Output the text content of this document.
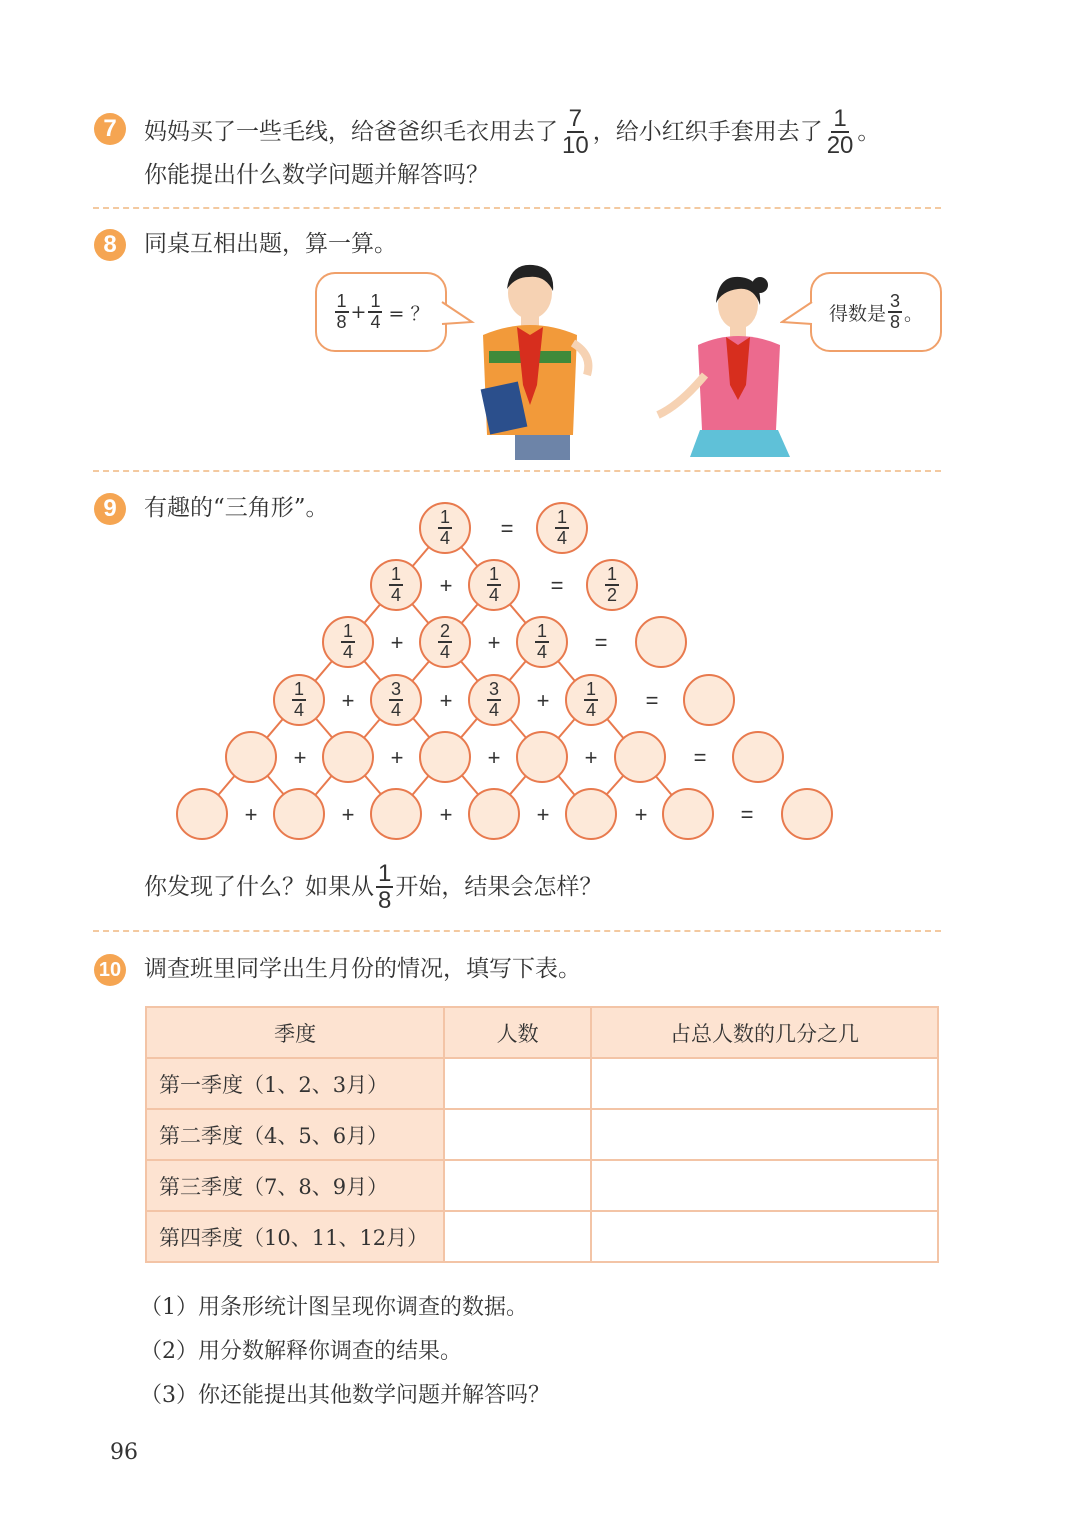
7	妈妈买了一些毛线，给爸爸织毛衣用去了 $\frac{7}{10}$ ，给小红织手套用去了 $\frac{1}{20}$ 。
你能提出什么数学问题并解答吗？
8	同桌互相出题，算一算。
$\frac{1}{8} + \frac{1}{4}$ = ？	得数是 $\frac{3}{8}$ 。
9	有趣的“三角形”。
$\frac{1}{4}$	=	$\frac{1}{4}$
$\frac{1}{4}$	+	$\frac{1}{4}$	=	$\frac{1}{2}$
$\frac{1}{4}$	+	$\frac{2}{4}$	+	$\frac{1}{4}$	=
$\frac{1}{4}$	+	$\frac{3}{4}$	+	$\frac{3}{4}$	+	$\frac{1}{4}$	=
+	+	+	+	=
+	+	+	+	+	=
你发现了什么？如果从 $\frac{1}{8}$ 开始，结果会怎样？
10 调查班里同学出生月份的情况，填写下表。
季度	人数	占总人数的几分之几
第一季度（1、2、3月）		
第二季度（4、5、6月）		
第三季度（7、8、9月）		
第四季度（10、11、12月）		
（1）用条形统计图呈现你调查的数据。
（2）用分数解释你调查的结果。
（3）你还能提出其他数学问题并解答吗？
96
